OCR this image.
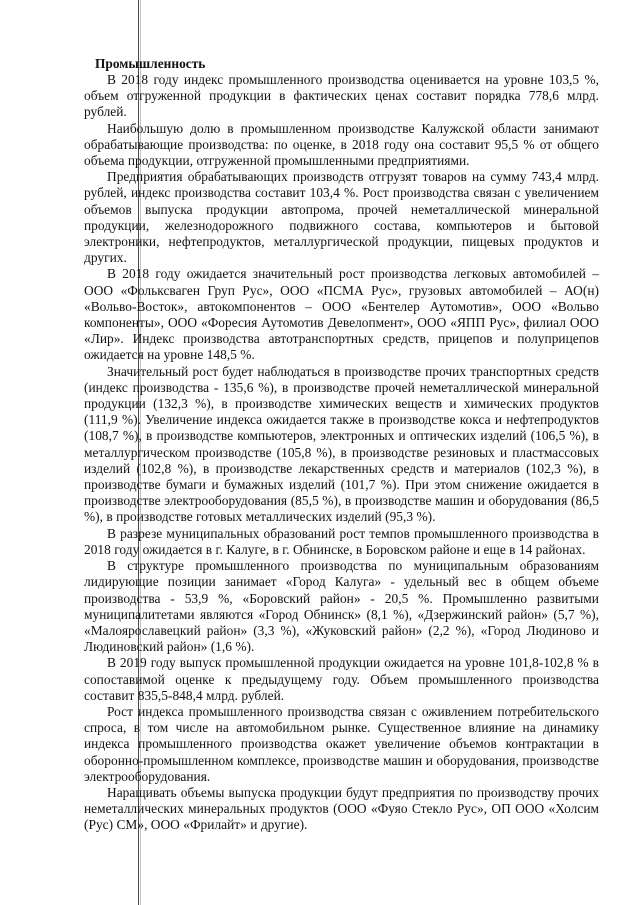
Промышленность

В 2018 году индекс промышленного производства оценивается на уровне 103,5 %, объем отгруженной продукции в фактических ценах составит порядка 778,6 млрд. рублей.

Наибольшую долю в промышленном производстве Калужской области занимают обрабатывающие производства: по оценке, в 2018 году она составит 95,5 % от общего объема продукции, отгруженной промышленными предприятиями.

Предприятия обрабатывающих производств отгрузят товаров на сумму 743,4 млрд. рублей, индекс производства составит 103,4 %. Рост производства связан с увеличением объемов выпуска продукции автопрома, прочей неметаллической минеральной продукции, железнодорожного подвижного состава, компьютеров и бытовой электроники, нефтепродуктов, металлургической продукции, пищевых продуктов и других.

В 2018 году ожидается значительный рост производства легковых автомобилей – ООО «Фольксваген Груп Рус», ООО «ПСМА Рус», грузовых автомобилей – АО(н) «Вольво-Восток», автокомпонентов – ООО «Бентелер Аутомотив», ООО «Вольво компоненты», ООО «Форесия Аутомотив Девелопмент», ООО «ЯПП Рус», филиал ООО «Лир». Индекс производства автотранспортных средств, прицепов и полуприцепов ожидается на уровне 148,5 %.

Значительный рост будет наблюдаться в производстве прочих транспортных средств (индекс производства - 135,6 %), в производстве прочей неметаллической минеральной продукции (132,3 %), в производстве химических веществ и химических продуктов (111,9 %). Увеличение индекса ожидается также в производстве кокса и нефтепродуктов (108,7 %), в производстве компьютеров, электронных и оптических изделий (106,5 %), в металлургическом производстве (105,8 %), в производстве резиновых и пластмассовых изделий (102,8 %), в производстве лекарственных средств и материалов (102,3 %), в производстве бумаги и бумажных изделий (101,7 %). При этом снижение ожидается в производстве электрооборудования (85,5 %), в производстве машин и оборудования (86,5 %), в производстве готовых металлических изделий (95,3 %).

В разрезе муниципальных образований рост темпов промышленного производства в 2018 году ожидается в г. Калуге, в г. Обнинске, в Боровском районе и еще в 14 районах.

В структуре промышленного производства по муниципальным образованиям лидирующие позиции занимает «Город Калуга» - удельный вес в общем объеме производства - 53,9 %, «Боровский район» - 20,5 %. Промышленно развитыми муниципалитетами являются «Город Обнинск» (8,1 %), «Дзержинский район» (5,7 %), «Малоярославецкий район» (3,3 %), «Жуковский район» (2,2 %), «Город Людиново и Людиновский район» (1,6 %).

В 2019 году выпуск промышленной продукции ожидается на уровне 101,8-102,8 % в сопоставимой оценке к предыдущему году. Объем промышленного производства составит 835,5-848,4 млрд. рублей.

Рост индекса промышленного производства связан с оживлением потребительского спроса, в том числе на автомобильном рынке. Существенное влияние на динамику индекса промышленного производства окажет увеличение объемов контрактации в оборонно-промышленном комплексе, производстве машин и оборудования, производстве электрооборудования.

Наращивать объемы выпуска продукции будут предприятия по производству прочих неметаллических минеральных продуктов (ООО «Фуяо Стекло Рус», ОП ООО «Холсим (Рус) СМ», ООО «Фрилайт» и другие).
